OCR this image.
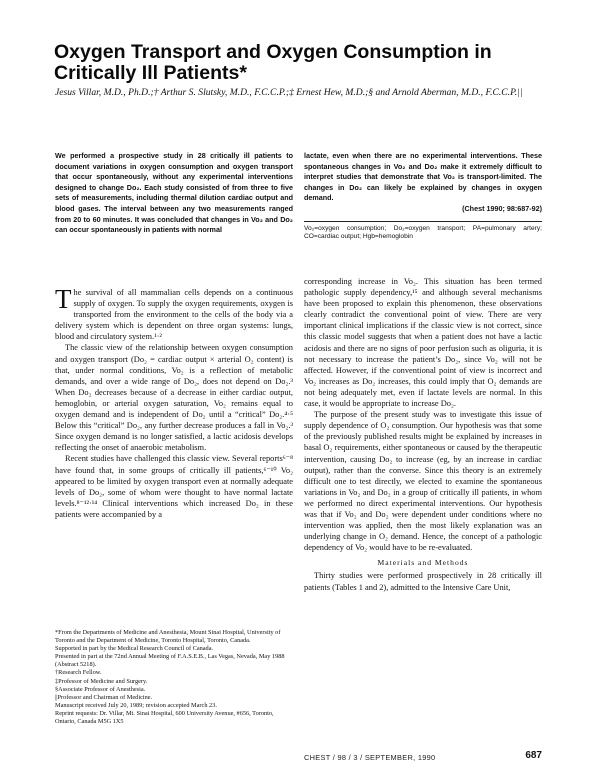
Oxygen Transport and Oxygen Consumption in Critically Ill Patients*
Jesus Villar, M.D., Ph.D.;† Arthur S. Slutsky, M.D., F.C.C.P.;‡ Ernest Hew, M.D.;§ and Arnold Aberman, M.D., F.C.C.P.||
We performed a prospective study in 28 critically ill patients to document variations in oxygen consumption and oxygen transport that occur spontaneously, without any experimental interventions designed to change Do₂. Each study consisted of from three to five sets of measurements, including thermal dilution cardiac output and blood gases. The interval between any two measurements ranged from 20 to 60 minutes. It was concluded that changes in Vo₂ and Do₂ can occur spontaneously in patients with normal
lactate, even when there are no experimental interventions. These spontaneous changes in Vo₂ and Do₂ make it extremely difficult to interpret studies that demonstrate that Vo₂ is transport-limited. The changes in Do₂ can likely be explained by changes in oxygen demand.
(Chest 1990; 98:687-92)
Vo₂=oxygen consumption; Do₂=oxygen transport; PA=pulmonary artery; CO=cardiac output; Hgb=hemoglobin

The survival of all mammalian cells depends on a continuous supply of oxygen. To supply the oxygen requirements, oxygen is transported from the environment to the cells of the body via a delivery system which is dependent on three organ systems: lungs, blood and circulatory system.¹·²

The classic view of the relationship between oxygen consumption and oxygen transport (Do₂ = cardiac output × arterial O₂ content) is that, under normal conditions, Vo₂ is a reflection of metabolic demands, and over a wide range of Do₂, does not depend on Do₂.³ When Do₂ decreases because of a decrease in either cardiac output, hemoglobin, or arterial oxygen saturation, Vo₂ remains equal to oxygen demand and is independent of Do₂ until a “critical” Do₂.⁴·⁵ Below this “critical” Do₂, any further decrease produces a fall in Vo₂.³ Since oxygen demand is no longer satisfied, a lactic acidosis develops reflecting the onset of anaerobic metabolism.

Recent studies have challenged this classic view. Several reports⁶⁻⁸ have found that, in some groups of critically ill patients,⁶⁻¹⁰ Vo₂ appeared to be limited by oxygen transport even at normally adequate levels of Do₂, some of whom were thought to have normal lactate levels.⁸⁻¹²·¹⁴ Clinical interventions which increased Do₂ in these patients were accompanied by a

*From the Departments of Medicine and Anesthesia, Mount Sinai Hospital, University of Toronto and the Department of Medicine, Toronto Hospital, Toronto, Canada.
Supported in part by the Medical Research Council of Canada.
Presented in part at the 72nd Annual Meeting of F.A.S.E.B., Las Vegas, Nevada, May 1988 (Abstract 5218).
†Research Fellow.
‡Professor of Medicine and Surgery.
§Associate Professor of Anesthesia.
||Professor and Chairman of Medicine.
Manuscript received July 20, 1989; revision accepted March 23.
Reprint requests: Dr. Villar, Mt. Sinai Hospital, 600 University Avenue, #656, Toronto, Ontario, Canada M5G 1X5

corresponding increase in Vo₂. This situation has been termed pathologic supply dependency,¹⁵ and although several mechanisms have been proposed to explain this phenomenon, these observations clearly contradict the conventional point of view. There are very important clinical implications if the classic view is not correct, since this classic model suggests that when a patient does not have a lactic acidosis and there are no signs of poor perfusion such as oliguria, it is not necessary to increase the patient’s Do₂, since Vo₂ will not be affected. However, if the conventional point of view is incorrect and Vo₂ increases as Do₂ increases, this could imply that O₂ demands are not being adequately met, even if lactate levels are normal. In this case, it would be appropriate to increase Do₂.

The purpose of the present study was to investigate this issue of supply dependence of O₂ consumption. Our hypothesis was that some of the previously published results might be explained by increases in basal O₂ requirements, either spontaneous or caused by the therapeutic intervention, causing Do₂ to increase (eg, by an increase in cardiac output), rather than the converse. Since this theory is an extremely difficult one to test directly, we elected to examine the spontaneous variations in Vo₂ and Do₂ in a group of critically ill patients, in whom we performed no direct experimental interventions. Our hypothesis was that if Vo₂ and Do₂ were dependent under conditions where no intervention was applied, then the most likely explanation was an underlying change in O₂ demand. Hence, the concept of a pathologic dependency of Vo₂ would have to be re-evaluated.

Materials and Methods

Thirty studies were performed prospectively in 28 critically ill patients (Tables 1 and 2), admitted to the Intensive Care Unit,

CHEST / 98 / 3 / SEPTEMBER, 1990	687
